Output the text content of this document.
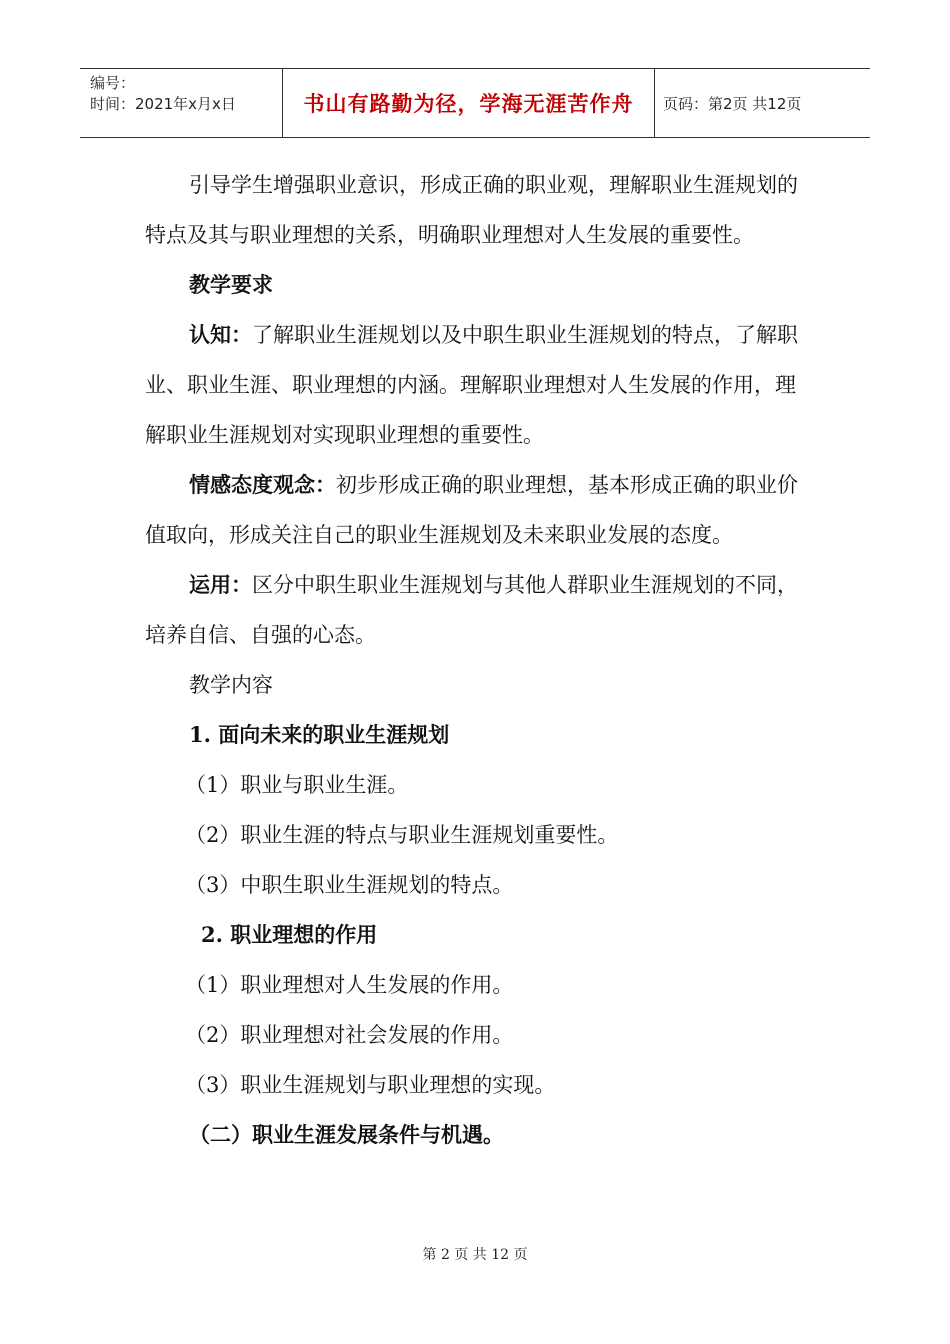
编号：
时间：2021年x月x日	书山有路勤为径，学海无涯苦作舟	页码：第2页 共12页

引导学生增强职业意识，形成正确的职业观，理解职业生涯规划的特点及其与职业理想的关系，明确职业理想对人生发展的重要性。

教学要求

认知：了解职业生涯规划以及中职生职业生涯规划的特点，了解职业、职业生涯、职业理想的内涵。理解职业理想对人生发展的作用，理解职业生涯规划对实现职业理想的重要性。

情感态度观念：初步形成正确的职业理想，基本形成正确的职业价值取向，形成关注自己的职业生涯规划及未来职业发展的态度。

运用：区分中职生职业生涯规划与其他人群职业生涯规划的不同，培养自信、自强的心态。

教学内容

1. 面向未来的职业生涯规划

（1）职业与职业生涯。

（2）职业生涯的特点与职业生涯规划重要性。

（3）中职生职业生涯规划的特点。

2. 职业理想的作用

（1）职业理想对人生发展的作用。

（2）职业理想对社会发展的作用。

（3）职业生涯规划与职业理想的实现。

（二）职业生涯发展条件与机遇。

第 2 页 共 12 页
